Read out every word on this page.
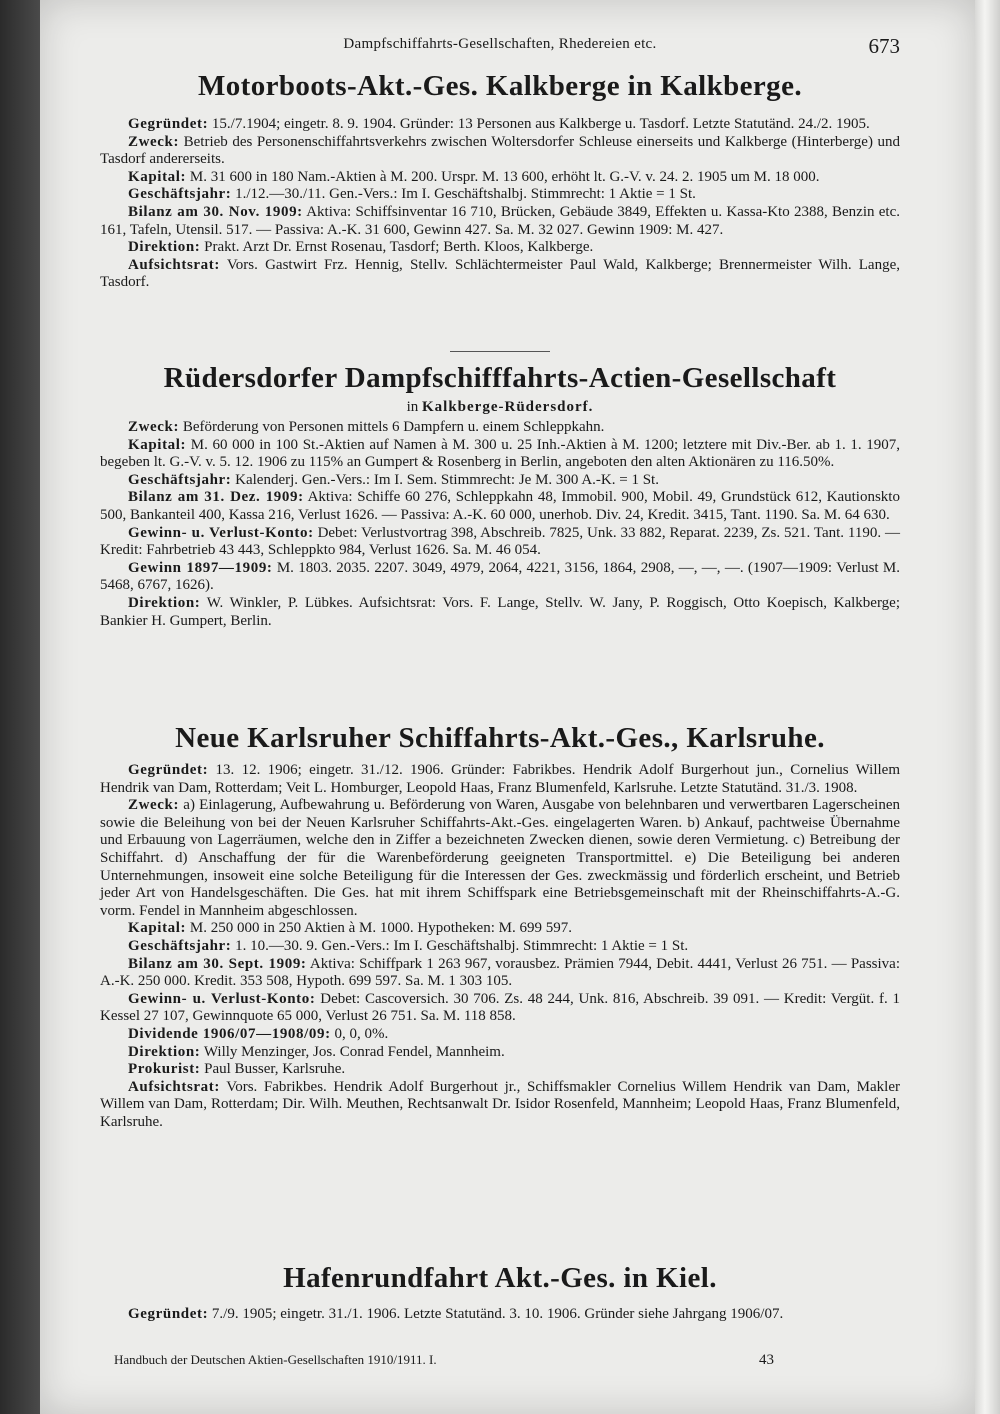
Dampfschiffahrts-Gesellschaften, Rhedereien etc.	673
Motorboots-Akt.-Ges. Kalkberge in Kalkberge.

Gegründet: 15./7.1904; eingetr. 8. 9. 1904. Gründer: 13 Personen aus Kalkberge u. Tasdorf. Letzte Statutänd. 24./2. 1905.

Zweck: Betrieb des Personenschiffahrtsverkehrs zwischen Woltersdorfer Schleuse einerseits und Kalkberge (Hinterberge) und Tasdorf andererseits.

Kapital: M. 31 600 in 180 Nam.-Aktien à M. 200. Urspr. M. 13 600, erhöht lt. G.-V. v. 24. 2. 1905 um M. 18 000.

Geschäftsjahr: 1./12.—30./11. Gen.-Vers.: Im I. Geschäftshalbj. Stimmrecht: 1 Aktie = 1 St.

Bilanz am 30. Nov. 1909: Aktiva: Schiffsinventar 16 710, Brücken, Gebäude 3849, Effekten u. Kassa-Kto 2388, Benzin etc. 161, Tafeln, Utensil. 517. — Passiva: A.-K. 31 600, Gewinn 427. Sa. M. 32 027. Gewinn 1909: M. 427.

Direktion: Prakt. Arzt Dr. Ernst Rosenau, Tasdorf; Berth. Kloos, Kalkberge.

Aufsichtsrat: Vors. Gastwirt Frz. Hennig, Stellv. Schlächtermeister Paul Wald, Kalkberge; Brennermeister Wilh. Lange, Tasdorf.

Rüdersdorfer Dampfschifffahrts-Actien-Gesellschaft
in Kalkberge-Rüdersdorf.

Zweck: Beförderung von Personen mittels 6 Dampfern u. einem Schleppkahn.

Kapital: M. 60 000 in 100 St.-Aktien auf Namen à M. 300 u. 25 Inh.-Aktien à M. 1200; letztere mit Div.-Ber. ab 1. 1. 1907, begeben lt. G.-V. v. 5. 12. 1906 zu 115% an Gumpert & Rosenberg in Berlin, angeboten den alten Aktionären zu 116.50%.

Geschäftsjahr: Kalenderj. Gen.-Vers.: Im I. Sem. Stimmrecht: Je M. 300 A.-K. = 1 St.

Bilanz am 31. Dez. 1909: Aktiva: Schiffe 60 276, Schleppkahn 48, Immobil. 900, Mobil. 49, Grundstück 612, Kautionskto 500, Bankanteil 400, Kassa 216, Verlust 1626. — Passiva: A.-K. 60 000, unerhob. Div. 24, Kredit. 3415, Tant. 1190. Sa. M. 64 630.

Gewinn- u. Verlust-Konto: Debet: Verlustvortrag 398, Abschreib. 7825, Unk. 33 882, Reparat. 2239, Zs. 521. Tant. 1190. — Kredit: Fahrbetrieb 43 443, Schleppkto 984, Verlust 1626. Sa. M. 46 054.

Gewinn 1897—1909: M. 1803. 2035. 2207. 3049, 4979, 2064, 4221, 3156, 1864, 2908, —, —, —. (1907—1909: Verlust M. 5468, 6767, 1626).

Direktion: W. Winkler, P. Lübkes. Aufsichtsrat: Vors. F. Lange, Stellv. W. Jany, P. Roggisch, Otto Koepisch, Kalkberge; Bankier H. Gumpert, Berlin.

Neue Karlsruher Schiffahrts-Akt.-Ges., Karlsruhe.

Gegründet: 13. 12. 1906; eingetr. 31./12. 1906. Gründer: Fabrikbes. Hendrik Adolf Burgerhout jun., Cornelius Willem Hendrik van Dam, Rotterdam; Veit L. Homburger, Leopold Haas, Franz Blumenfeld, Karlsruhe. Letzte Statutänd. 31./3. 1908.

Zweck: a) Einlagerung, Aufbewahrung u. Beförderung von Waren, Ausgabe von belehnbaren und verwertbaren Lagerscheinen sowie die Beleihung von bei der Neuen Karlsruher Schiffahrts-Akt.-Ges. eingelagerten Waren. b) Ankauf, pachtweise Übernahme und Erbauung von Lagerräumen, welche den in Ziffer a bezeichneten Zwecken dienen, sowie deren Vermietung. c) Betreibung der Schiffahrt. d) Anschaffung der für die Warenbeförderung geeigneten Transportmittel. e) Die Beteiligung bei anderen Unternehmungen, insoweit eine solche Beteiligung für die Interessen der Ges. zweckmässig und förderlich erscheint, und Betrieb jeder Art von Handelsgeschäften. Die Ges. hat mit ihrem Schiffspark eine Betriebsgemeinschaft mit der Rheinschiffahrts-A.-G. vorm. Fendel in Mannheim abgeschlossen.

Kapital: M. 250 000 in 250 Aktien à M. 1000. Hypotheken: M. 699 597.

Geschäftsjahr: 1. 10.—30. 9. Gen.-Vers.: Im I. Geschäftshalbj. Stimmrecht: 1 Aktie = 1 St.

Bilanz am 30. Sept. 1909: Aktiva: Schiffpark 1 263 967, vorausbez. Prämien 7944, Debit. 4441, Verlust 26 751. — Passiva: A.-K. 250 000. Kredit. 353 508, Hypoth. 699 597. Sa. M. 1 303 105.

Gewinn- u. Verlust-Konto: Debet: Cascoversich. 30 706. Zs. 48 244, Unk. 816, Abschreib. 39 091. — Kredit: Vergüt. f. 1 Kessel 27 107, Gewinnquote 65 000, Verlust 26 751. Sa. M. 118 858.

Dividende 1906/07—1908/09: 0, 0, 0%.

Direktion: Willy Menzinger, Jos. Conrad Fendel, Mannheim.

Prokurist: Paul Busser, Karlsruhe.

Aufsichtsrat: Vors. Fabrikbes. Hendrik Adolf Burgerhout jr., Schiffsmakler Cornelius Willem Hendrik van Dam, Makler Willem van Dam, Rotterdam; Dir. Wilh. Meuthen, Rechtsanwalt Dr. Isidor Rosenfeld, Mannheim; Leopold Haas, Franz Blumenfeld, Karlsruhe.

Hafenrundfahrt Akt.-Ges. in Kiel.

Gegründet: 7./9. 1905; eingetr. 31./1. 1906. Letzte Statutänd. 3. 10. 1906. Gründer siehe Jahrgang 1906/07.

Handbuch der Deutschen Aktien-Gesellschaften 1910/1911. I.	43
